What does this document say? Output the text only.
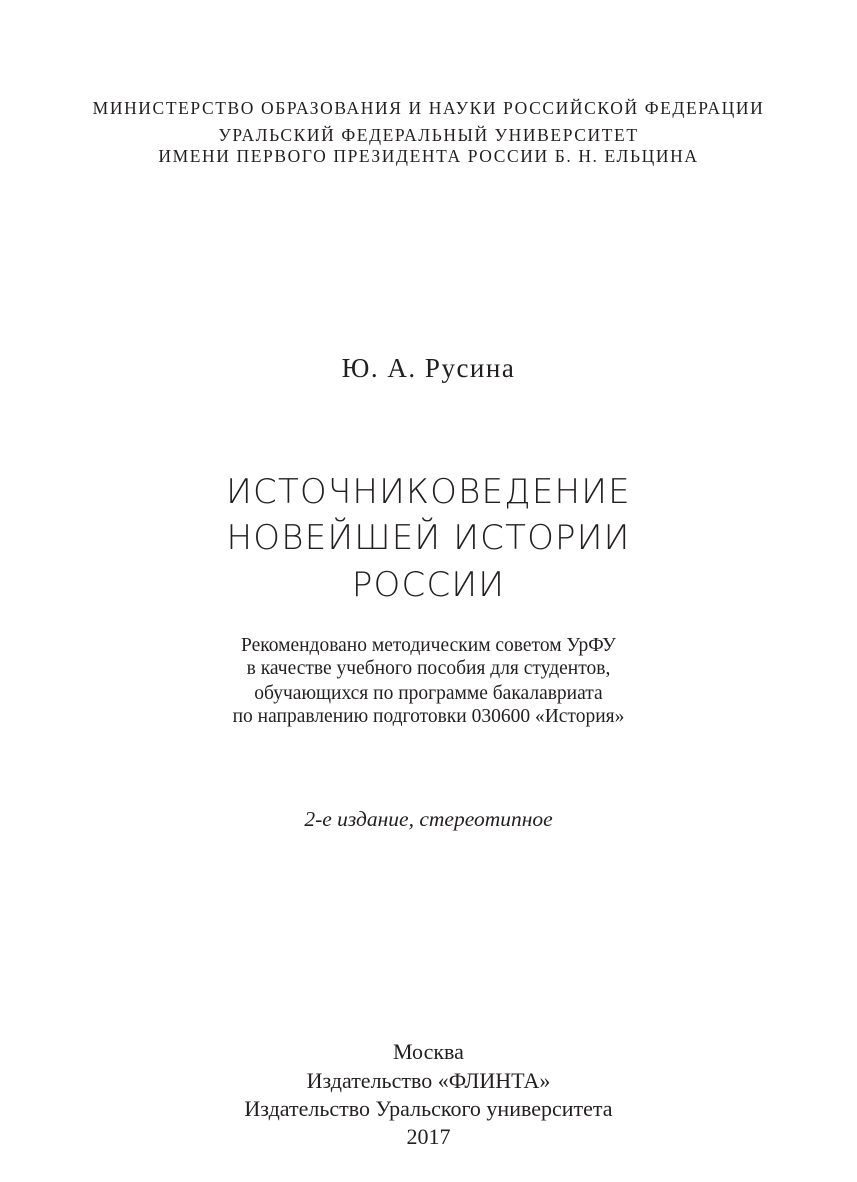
МИНИСТЕРСТВО ОБРАЗОВАНИЯ И НАУКИ РОССИЙСКОЙ ФЕДЕРАЦИИ
УРАЛЬСКИЙ ФЕДЕРАЛЬНЫЙ УНИВЕРСИТЕТ
ИМЕНИ ПЕРВОГО ПРЕЗИДЕНТА РОССИИ Б. Н. ЕЛЬЦИНА
Ю. А. Русина
ИСТОЧНИКОВЕДЕНИЕ
НОВЕЙШЕЙ ИСТОРИИ
РОССИИ
Рекомендовано методическим советом УрФУ
в качестве учебного пособия для студентов,
обучающихся по программе бакалавриата
по направлению подготовки 030600 «История»
2-е издание, стереотипное
Москва
Издательство «ФЛИНТА»
Издательство Уральского университета
2017
